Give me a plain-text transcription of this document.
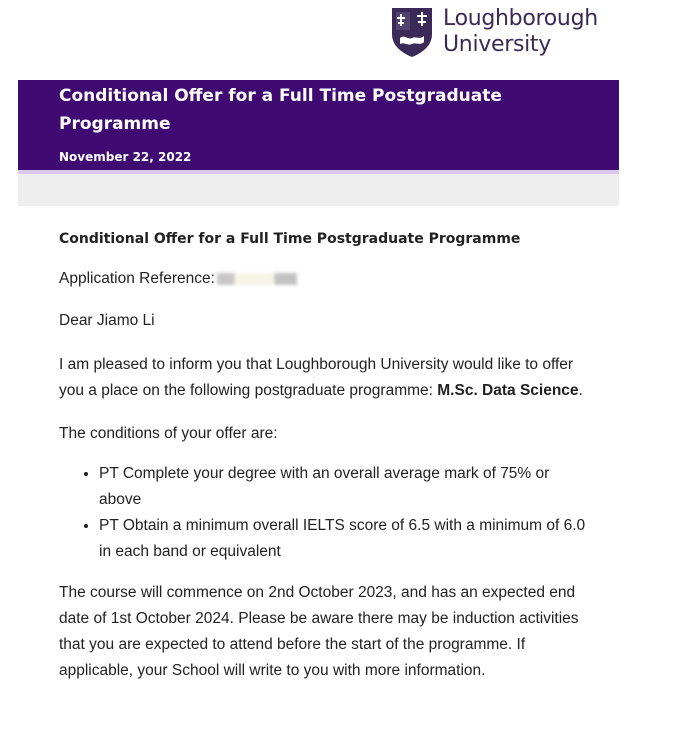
Loughborough
University
Conditional Offer for a Full Time Postgraduate Programme
November 22, 2022

Conditional Offer for a Full Time Postgraduate Programme

Application Reference:

Dear Jiamo Li

I am pleased to inform you that Loughborough University would like to offer you a place on the following postgraduate programme: M.Sc. Data Science.

The conditions of your offer are:

• PT Complete your degree with an overall average mark of 75% or above
• PT Obtain a minimum overall IELTS score of 6.5 with a minimum of 6.0 in each band or equivalent

The course will commence on 2nd October 2023, and has an expected end date of 1st October 2024. Please be aware there may be induction activities that you are expected to attend before the start of the programme. If applicable, your School will write to you with more information.
